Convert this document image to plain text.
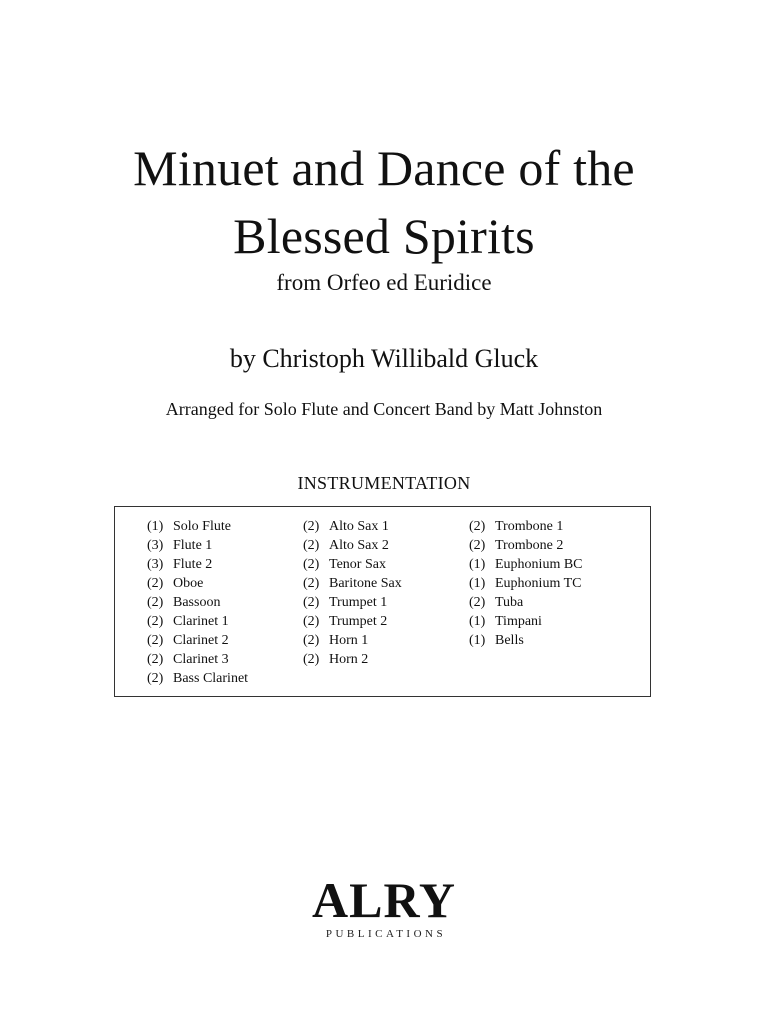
Minuet and Dance of the
Blessed Spirits
from Orfeo ed Euridice
by Christoph Willibald Gluck
Arranged for Solo Flute and Concert Band by Matt Johnston
INSTRUMENTATION
(1) Solo Flute
(3) Flute 1
(3) Flute 2
(2) Oboe
(2) Bassoon
(2) Clarinet 1
(2) Clarinet 2
(2) Clarinet 3
(2) Bass Clarinet
(2) Alto Sax 1
(2) Alto Sax 2
(2) Tenor Sax
(2) Baritone Sax
(2) Trumpet 1
(2) Trumpet 2
(2) Horn 1
(2) Horn 2
(2) Trombone 1
(2) Trombone 2
(1) Euphonium BC
(1) Euphonium TC
(2) Tuba
(1) Timpani
(1) Bells
ALRY
PUBLICATIONS
